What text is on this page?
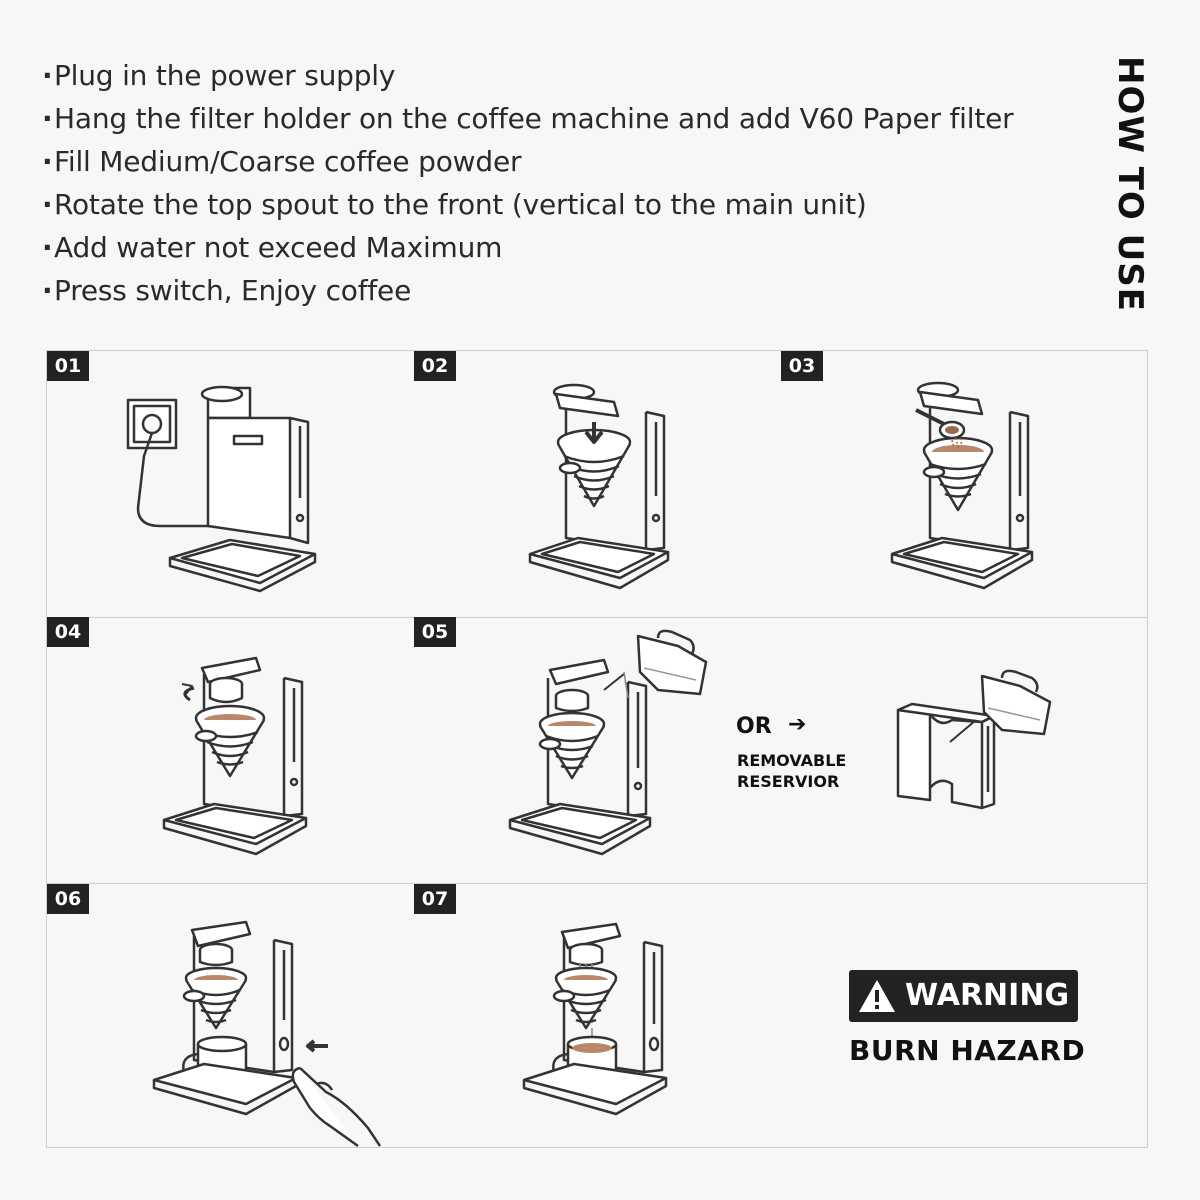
·Plug in the power supply
·Hang the filter holder on the coffee machine and add V60 Paper filter
·Fill Medium/Coarse coffee powder
·Rotate the top spout to the front (vertical to the main unit)
·Add water not exceed Maximum
·Press switch, Enjoy coffee	HOW TO USE
01	02	03
04	05
06	07
OR ➔
REMOVABLE
RESERVIOR
WARNING
BURN HAZARD
